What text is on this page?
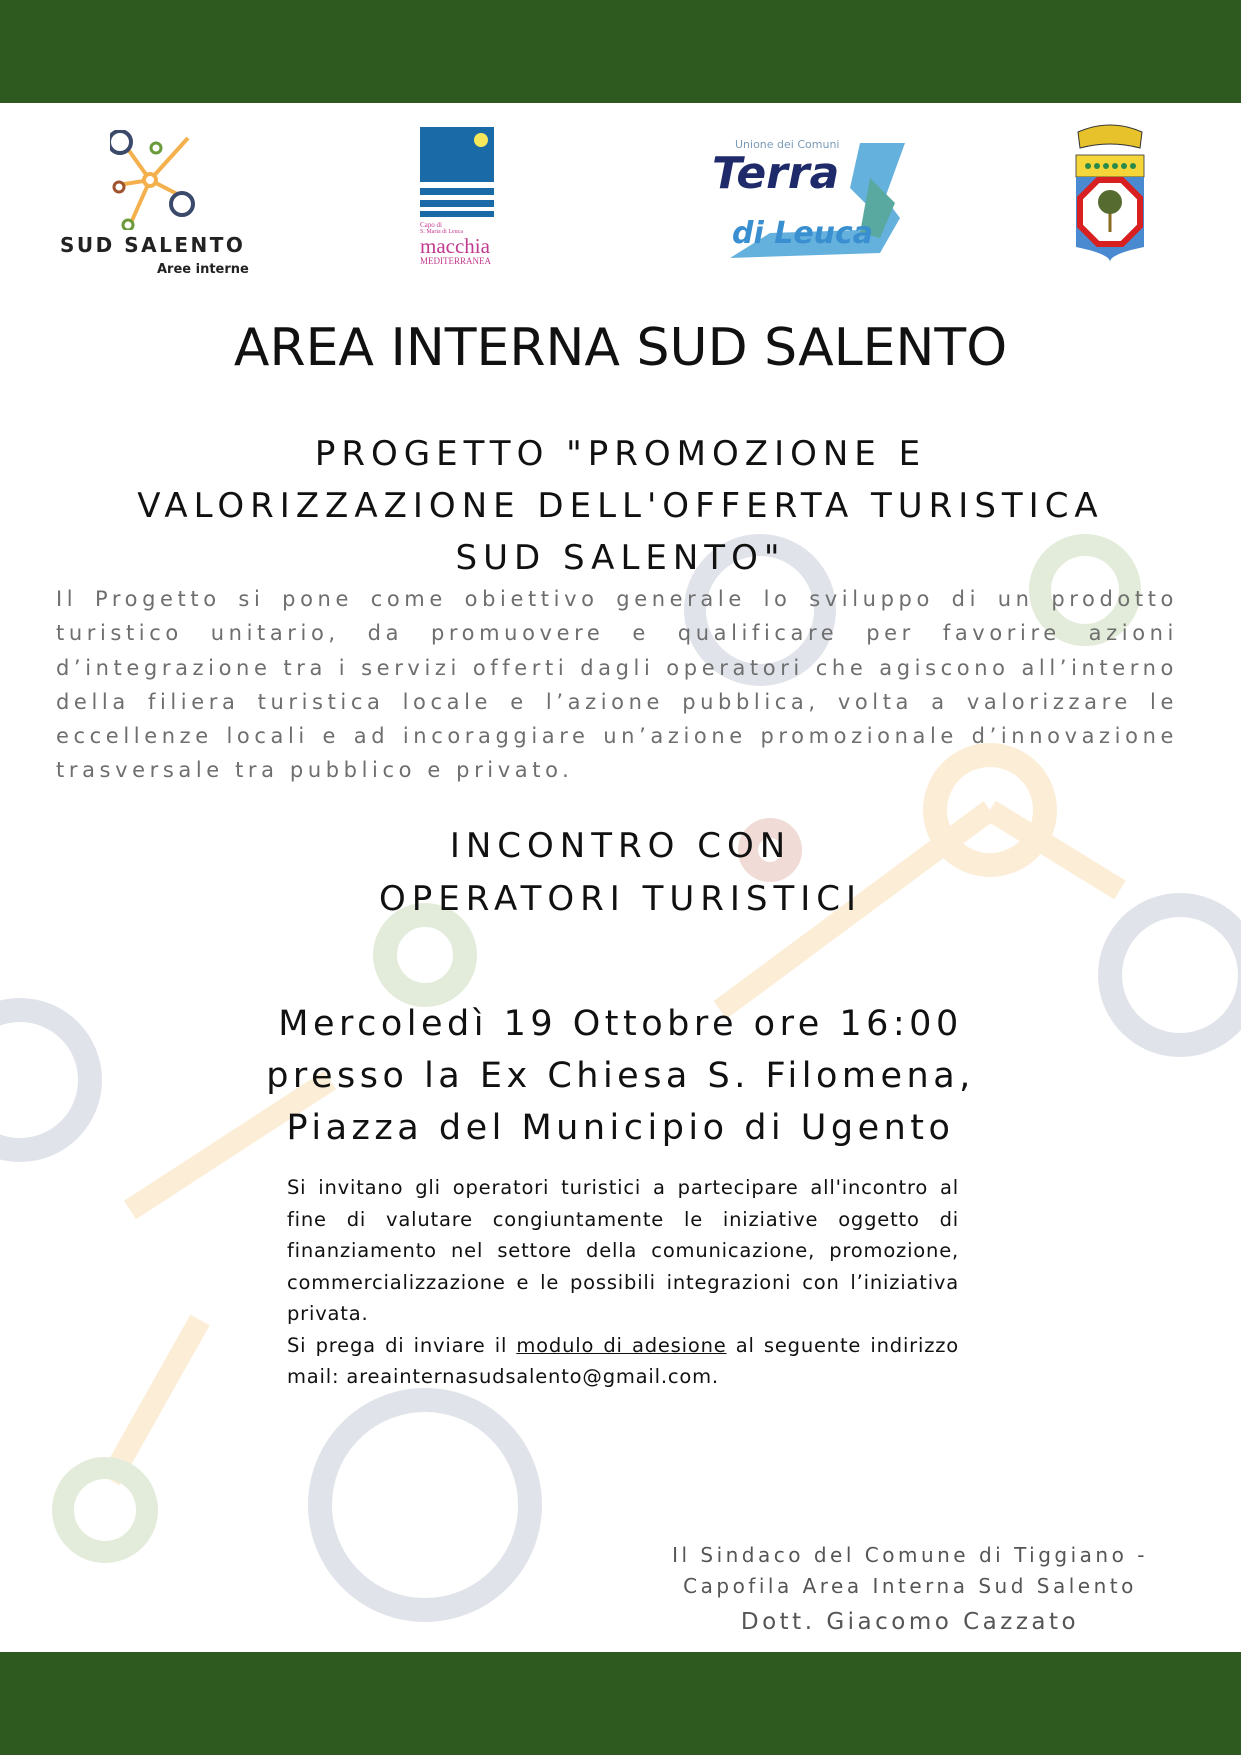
SUD SALENTO
Aree interne
Capo di
S. Maria di Leuca
macchia
MEDITERRANEA
Unione dei Comuni
Terra
di Leuca
AREA INTERNA SUD SALENTO
PROGETTO "PROMOZIONE E
VALORIZZAZIONE DELL'OFFERTA TURISTICA
SUD SALENTO"
Il Progetto si pone come obiettivo generale lo sviluppo di un prodotto turistico unitario, da promuovere e qualificare per favorire azioni d’integrazione tra i servizi offerti dagli operatori che agiscono all’interno della filiera turistica locale e l’azione pubblica, volta a valorizzare le eccellenze locali e ad incoraggiare un’azione promozionale d’innovazione trasversale tra pubblico e privato.
INCONTRO CON
OPERATORI TURISTICI
Mercoledì 19 Ottobre ore 16:00
presso la Ex Chiesa S. Filomena,
Piazza del Municipio di Ugento
Si invitano gli operatori turistici a partecipare all'incontro al fine di valutare congiuntamente le iniziative oggetto di finanziamento nel settore della comunicazione, promozione, commercializzazione e le possibili integrazioni con l’iniziativa privata.
Si prega di inviare il modulo di adesione al seguente indirizzo mail: areainternasudsalento@gmail.com.
Il Sindaco del Comune di Tiggiano -
Capofila Area Interna Sud Salento
Dott. Giacomo Cazzato
